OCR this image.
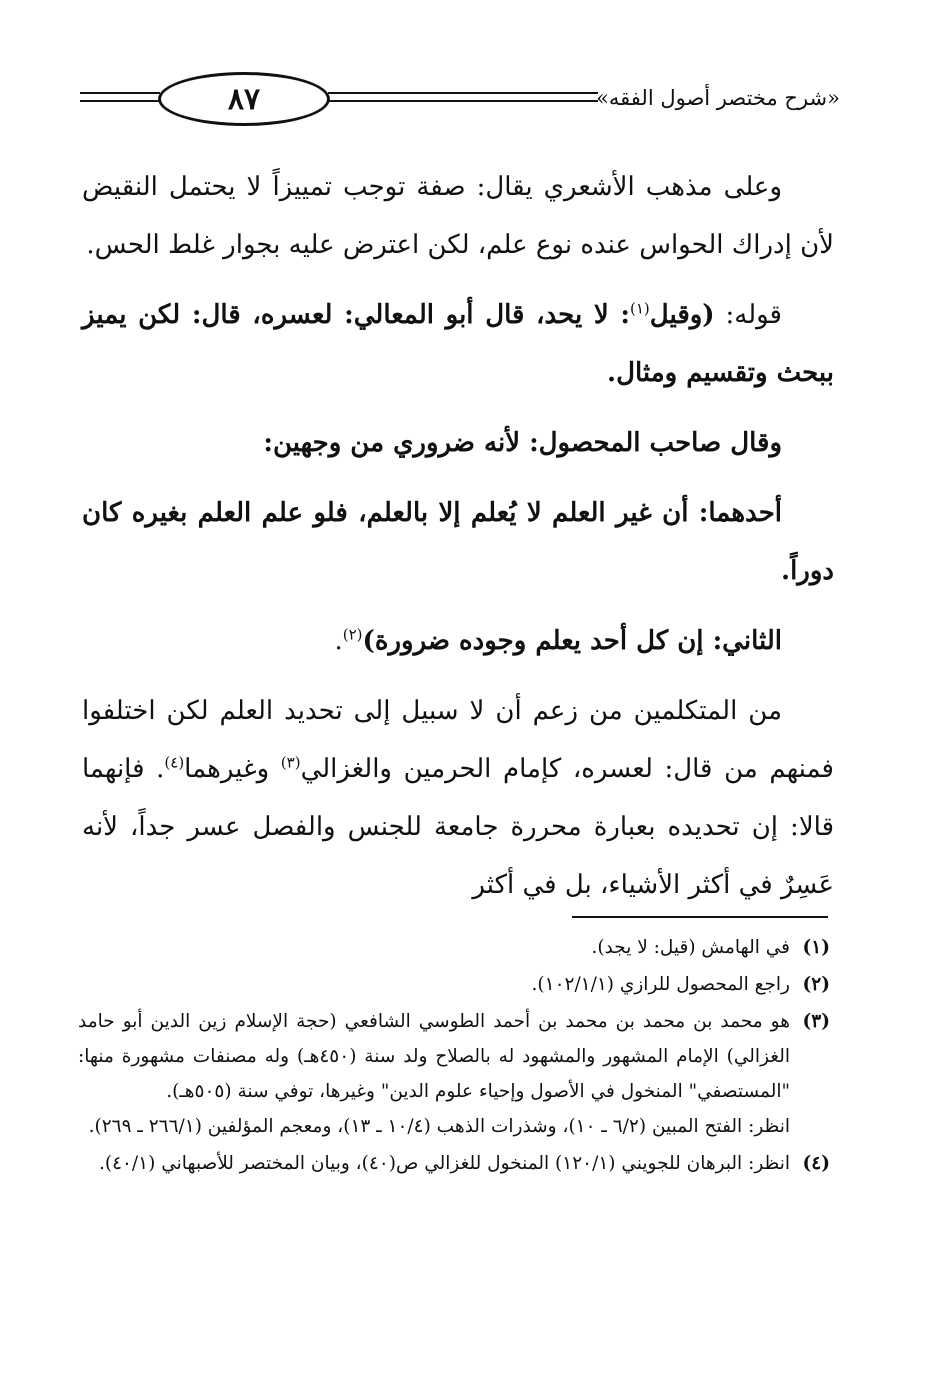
٨٧	«شرح مختصر أصول الفقه»

وعلى مذهب الأشعري يقال: صفة توجب تمييزاً لا يحتمل النقيض لأن إدراك الحواس عنده نوع علم، لكن اعترض عليه بجوار غلط الحس.

قوله: (وقيل$^{(١)}$: لا يحد، قال أبو المعالي: لعسره، قال: لكن يميز ببحث وتقسيم ومثال.

وقال صاحب المحصول: لأنه ضروري من وجهين:

أحدهما: أن غير العلم لا يُعلم إلا بالعلم، فلو علم العلم بغيره كان دوراً.

الثاني: إن كل أحد يعلم وجوده ضرورة)$^{(٢)}$.

من المتكلمين من زعم أن لا سبيل إلى تحديد العلم لكن اختلفوا فمنهم من قال: لعسره، كإمام الحرمين والغزالي$^{(٣)}$ وغيرهما$^{(٤)}$. فإنهما قالا: إن تحديده بعبارة محررة جامعة للجنس والفصل عسر جداً، لأنه عَسِرٌ في أكثر الأشياء، بل في أكثر

(١)

في الهامش (قيل: لا يجد).

(٢)

راجع المحصول للرازي (١٠٢/١/١).

(٣)

هو محمد بن محمد بن محمد بن أحمد الطوسي الشافعي (حجة الإسلام زين الدين أبو حامد الغزالي) الإمام المشهور والمشهود له بالصلاح ولد سنة (٤٥٠هـ) وله مصنفات مشهورة منها: "المستصفي" المنخول في الأصول وإحياء علوم الدين" وغيرها، توفي سنة (٥٠٥هـ).

انظر: الفتح المبين (٦/٢ ـ ١٠)، وشذرات الذهب (١٠/٤ ـ ١٣)، ومعجم المؤلفين (٢٦٦/١ ـ ٢٦٩).

(٤)

انظر: البرهان للجويني (١٢٠/١) المنخول للغزالي ص(٤٠)، وبيان المختصر للأصبهاني (٤٠/١).
